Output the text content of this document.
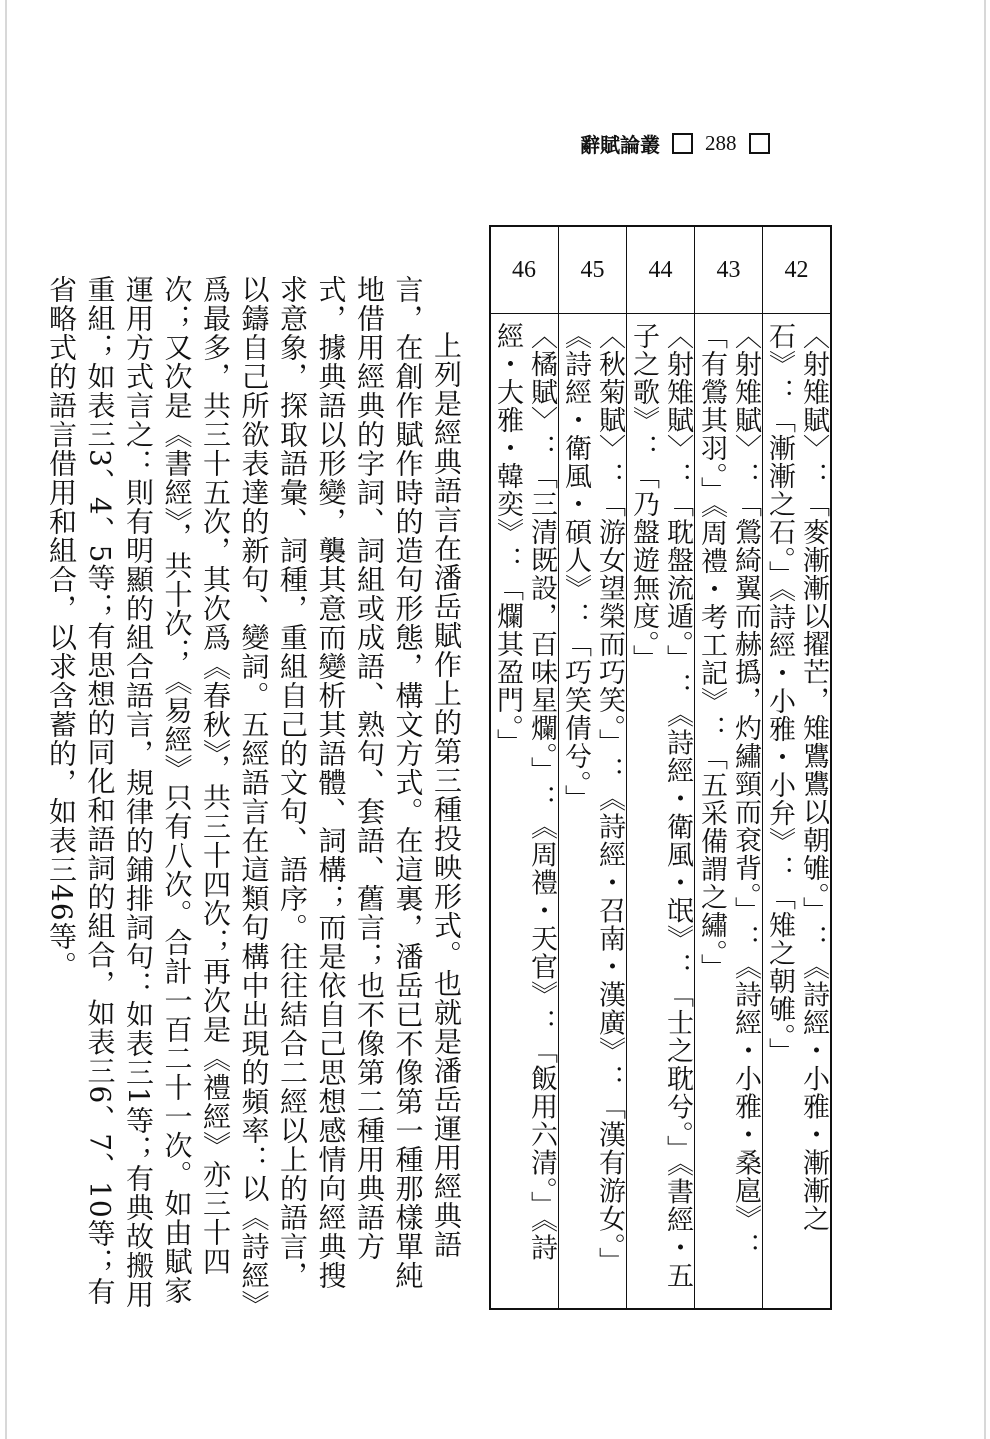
辭賦論叢 288
42
〈射雉賦〉：「麥漸漸以擢芒，雉鷕鷕以朝雊。」：《詩經・小雅・漸漸之石》：「漸漸之石。」《詩經・小雅・小弁》：「雉之朝雊。」
43
〈射雉賦〉：「鶯綺翼而赫撝，灼繡頸而袞背。」：《詩經・小雅・桑扈》：「有鶯其羽。」《周禮・考工記》：「五采備謂之繡。」
44
〈射雉賦〉：「耽盤流遁。」：《詩經・衛風・氓》：「士之耽兮。」《書經・五子之歌》：「乃盤遊無度。」
45
〈秋菊賦〉：「游女望榮而巧笑。」：《詩經・召南・漢廣》：「漢有游女。」《詩經・衛風・碩人》：「巧笑倩兮。」
46
〈橘賦〉：「三清既設，百味星爛。」：《周禮・天官》：「飯用六清。」《詩經・大雅・韓奕》：「爛其盈門。」

上列是經典語言在潘岳賦作上的第三種投映形式。也就是潘岳運用經典語言，在創作賦作時的造句形態，構文方式。在這裏，潘岳已不像第一種那樣單純地借用經典的字詞、詞組或成語、熟句、套語、舊言；也不像第二種用典語方式，據典語以形變，襲其意而變析其語體、詞構；而是依自己思想感情向經典搜求意象，探取語彙、詞種，重組自己的文句、語序。往往結合二經以上的語言，以鑄自己所欲表達的新句、變詞。五經語言在這類句構中出現的頻率：以《詩經》爲最多，共三十五次，其次爲《春秋》，共三十四次；再次是《禮經》亦三十四次；又次是《書經》，共十次；《易經》只有八次。合計一百二十一次。如由賦家運用方式言之：則有明顯的組合語言，規律的鋪排詞句：如表三1等；有典故搬用重組；如表三3、4、5等；有思想的同化和語詞的組合，如表三6、7、10等；有省略式的語言借用和組合，以求含蓄的，如表三46等。
